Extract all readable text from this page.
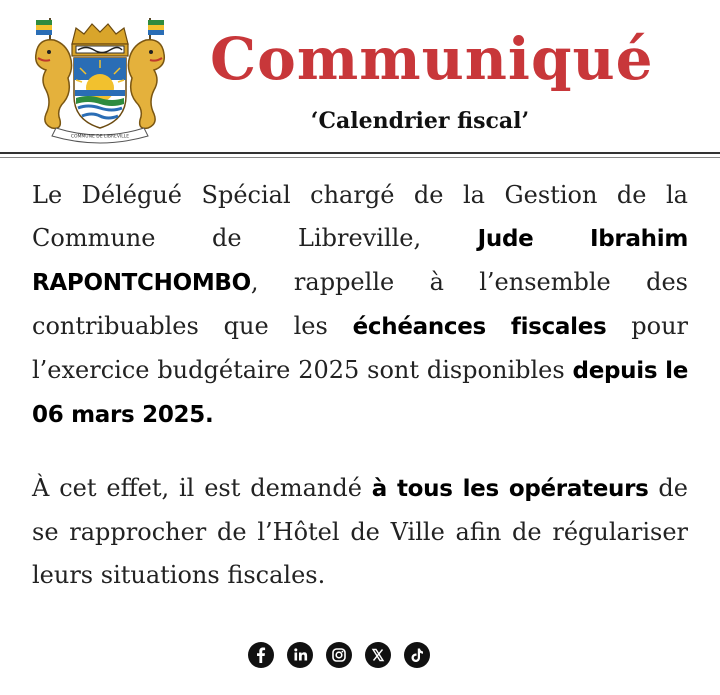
COMMUNE DE LIBREVILLE
Communiqué
‘Calendrier fiscal’

Le Délégué Spécial chargé de la Gestion de la Commune de Libreville, Jude Ibrahim RAPONTCHOMBO, rappelle à l’ensemble des contribuables que les échéances fiscales pour l’exercice budgétaire 2025 sont disponibles depuis le 06 mars 2025.

À cet effet, il est demandé à tous les opérateurs de se rapprocher de l’Hôtel de Ville afin de régulariser leurs situations fiscales.
